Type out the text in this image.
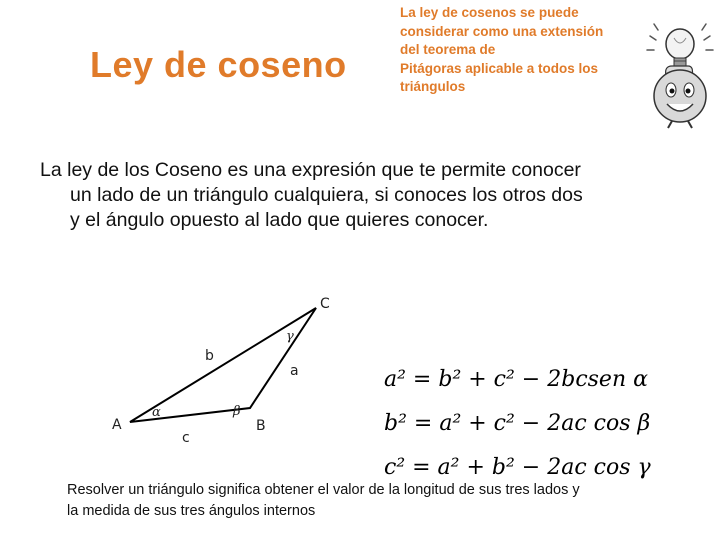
Ley de coseno
La ley de cosenos se puede
considerar como una extensión
del teorema de
Pitágoras aplicable a todos los
triángulos
La ley de los Coseno es una expresión que te permite conocer
un lado de un triángulo cualquiera, si conoces los otros dos
y el ángulo opuesto al lado que quieres conocer.
A	B
C
b
a
c
α	β
γ
a² = b² + c² − 2bcsen α
b² = a² + c² − 2ac cos β
c² = a² + b² − 2ac cos γ
Resolver un triángulo significa obtener el valor de la longitud de sus tres lados y
la medida de sus tres ángulos internos
